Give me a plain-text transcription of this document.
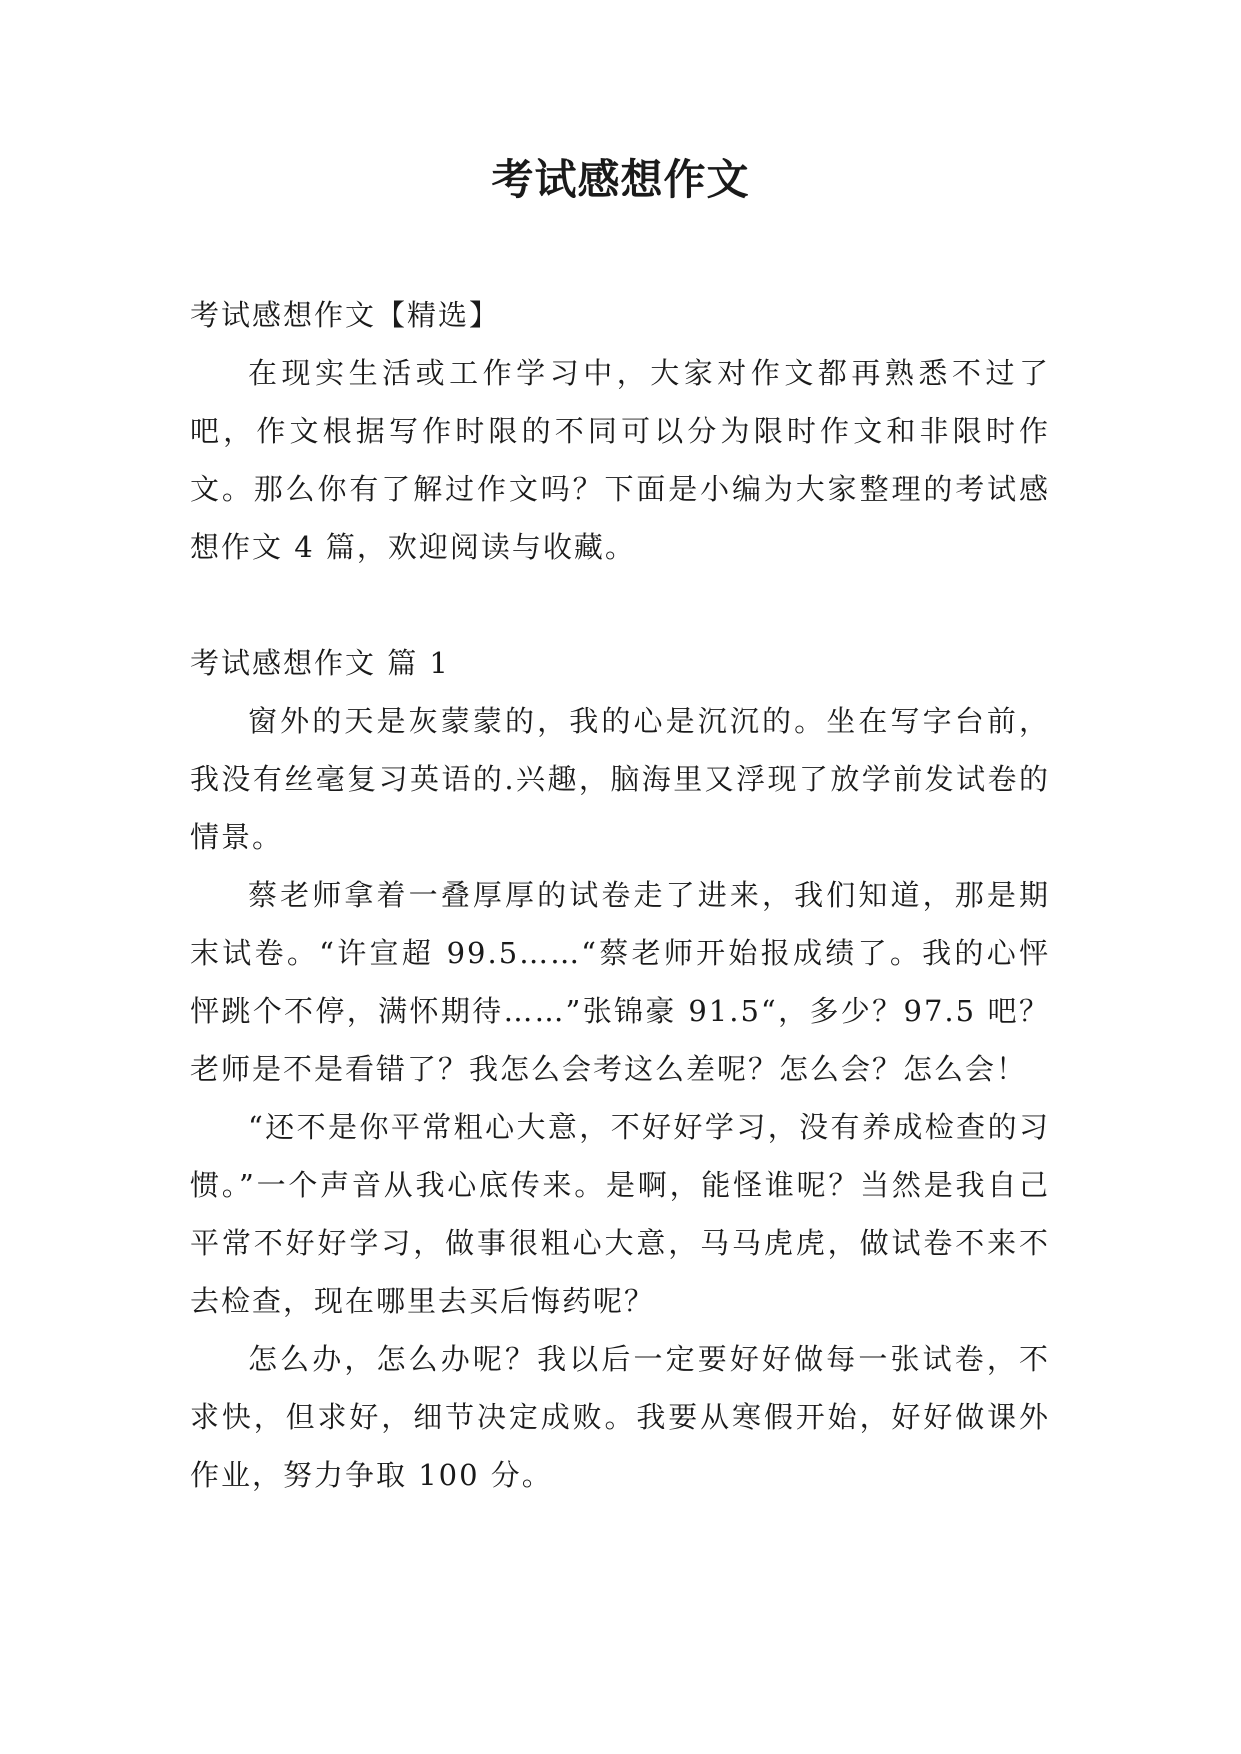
考试感想作文

考试感想作文【精选】

在现实生活或工作学习中，大家对作文都再熟悉不过了吧，作文根据写作时限的不同可以分为限时作文和非限时作文。那么你有了解过作文吗？下面是小编为大家整理的考试感想作文 4 篇，欢迎阅读与收藏。

考试感想作文 篇 1

窗外的天是灰蒙蒙的，我的心是沉沉的。坐在写字台前，我没有丝毫复习英语的.兴趣，脑海里又浮现了放学前发试卷的情景。

蔡老师拿着一叠厚厚的试卷走了进来，我们知道，那是期末试卷。“许宣超 99.5……“蔡老师开始报成绩了。我的心怦怦跳个不停，满怀期待……”张锦豪 91.5“，多少？97.5 吧？老师是不是看错了？我怎么会考这么差呢？怎么会？怎么会！

“还不是你平常粗心大意，不好好学习，没有养成检查的习惯。”一个声音从我心底传来。是啊，能怪谁呢？当然是我自己平常不好好学习，做事很粗心大意，马马虎虎，做试卷不来不去检查，现在哪里去买后悔药呢？

怎么办，怎么办呢？我以后一定要好好做每一张试卷，不求快，但求好，细节决定成败。我要从寒假开始，好好做课外作业，努力争取 100 分。
